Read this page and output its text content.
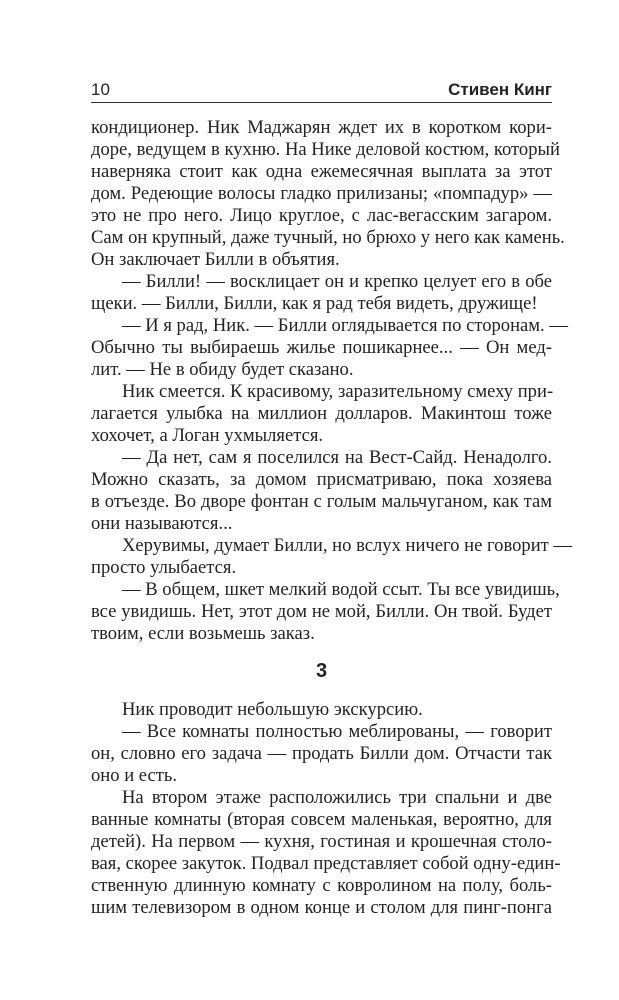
10	Стивен Кинг
кондиционер. Ник Маджарян ждет их в коротком кори-
доре, ведущем в кухню. На Нике деловой костюм, который
наверняка стоит как одна ежемесячная выплата за этот
дом. Редеющие волосы гладко прилизаны; «помпадур» —
это не про него. Лицо круглое, с лас-вегасским загаром.
Сам он крупный, даже тучный, но брюхо у него как камень.
Он заключает Билли в объятия.
— Билли! — восклицает он и крепко целует его в обе
щеки. — Билли, Билли, как я рад тебя видеть, дружище!
— И я рад, Ник. — Билли оглядывается по сторонам. —
Обычно ты выбираешь жилье пошикарнее... — Он мед-
лит. — Не в обиду будет сказано.
Ник смеется. К красивому, заразительному смеху при-
лагается улыбка на миллион долларов. Макинтош тоже
хохочет, а Логан ухмыляется.
— Да нет, сам я поселился на Вест-Сайд. Ненадолго.
Можно сказать, за домом присматриваю, пока хозяева
в отъезде. Во дворе фонтан с голым мальчуганом, как там
они называются...
Херувимы, думает Билли, но вслух ничего не говорит —
просто улыбается.
— В общем, шкет мелкий водой ссыт. Ты все увидишь,
все увидишь. Нет, этот дом не мой, Билли. Он твой. Будет
твоим, если возьмешь заказ.
3
Ник проводит небольшую экскурсию.
— Все комнаты полностью меблированы, — говорит
он, словно его задача — продать Билли дом. Отчасти так
оно и есть.
На втором этаже расположились три спальни и две
ванные комнаты (вторая совсем маленькая, вероятно, для
детей). На первом — кухня, гостиная и крошечная столо-
вая, скорее закуток. Подвал представляет собой одну-един-
ственную длинную комнату с ковролином на полу, боль-
шим телевизором в одном конце и столом для пинг-понга
